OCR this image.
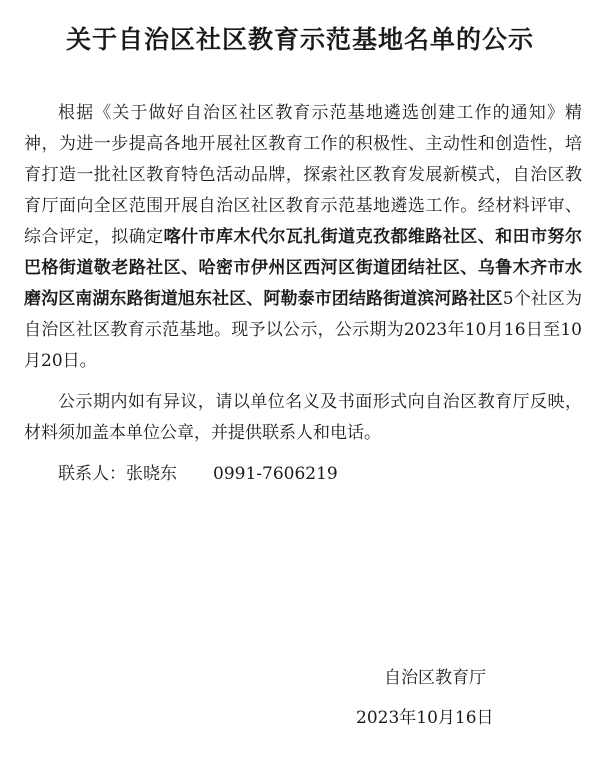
关于自治区社区教育示范基地名单的公示

根据《关于做好自治区社区教育示范基地遴选创建工作的通知》精神，为进一步提高各地开展社区教育工作的积极性、主动性和创造性，培育打造一批社区教育特色活动品牌，探索社区教育发展新模式，自治区教育厅面向全区范围开展自治区社区教育示范基地遴选工作。经材料评审、综合评定，拟确定喀什市库木代尔瓦扎街道克孜都维路社区、和田市努尔巴格街道敬老路社区、哈密市伊州区西河区街道团结社区、乌鲁木齐市水磨沟区南湖东路街道旭东社区、阿勒泰市团结路街道滨河路社区5个社区为自治区社区教育示范基地。现予以公示，公示期为2023年10月16日至10月20日。

公示期内如有异议，请以单位名义及书面形式向自治区教育厅反映，材料须加盖本单位公章，并提供联系人和电话。

联系人：张晓东 0991-7606219

自治区教育厅
2023年10月16日
